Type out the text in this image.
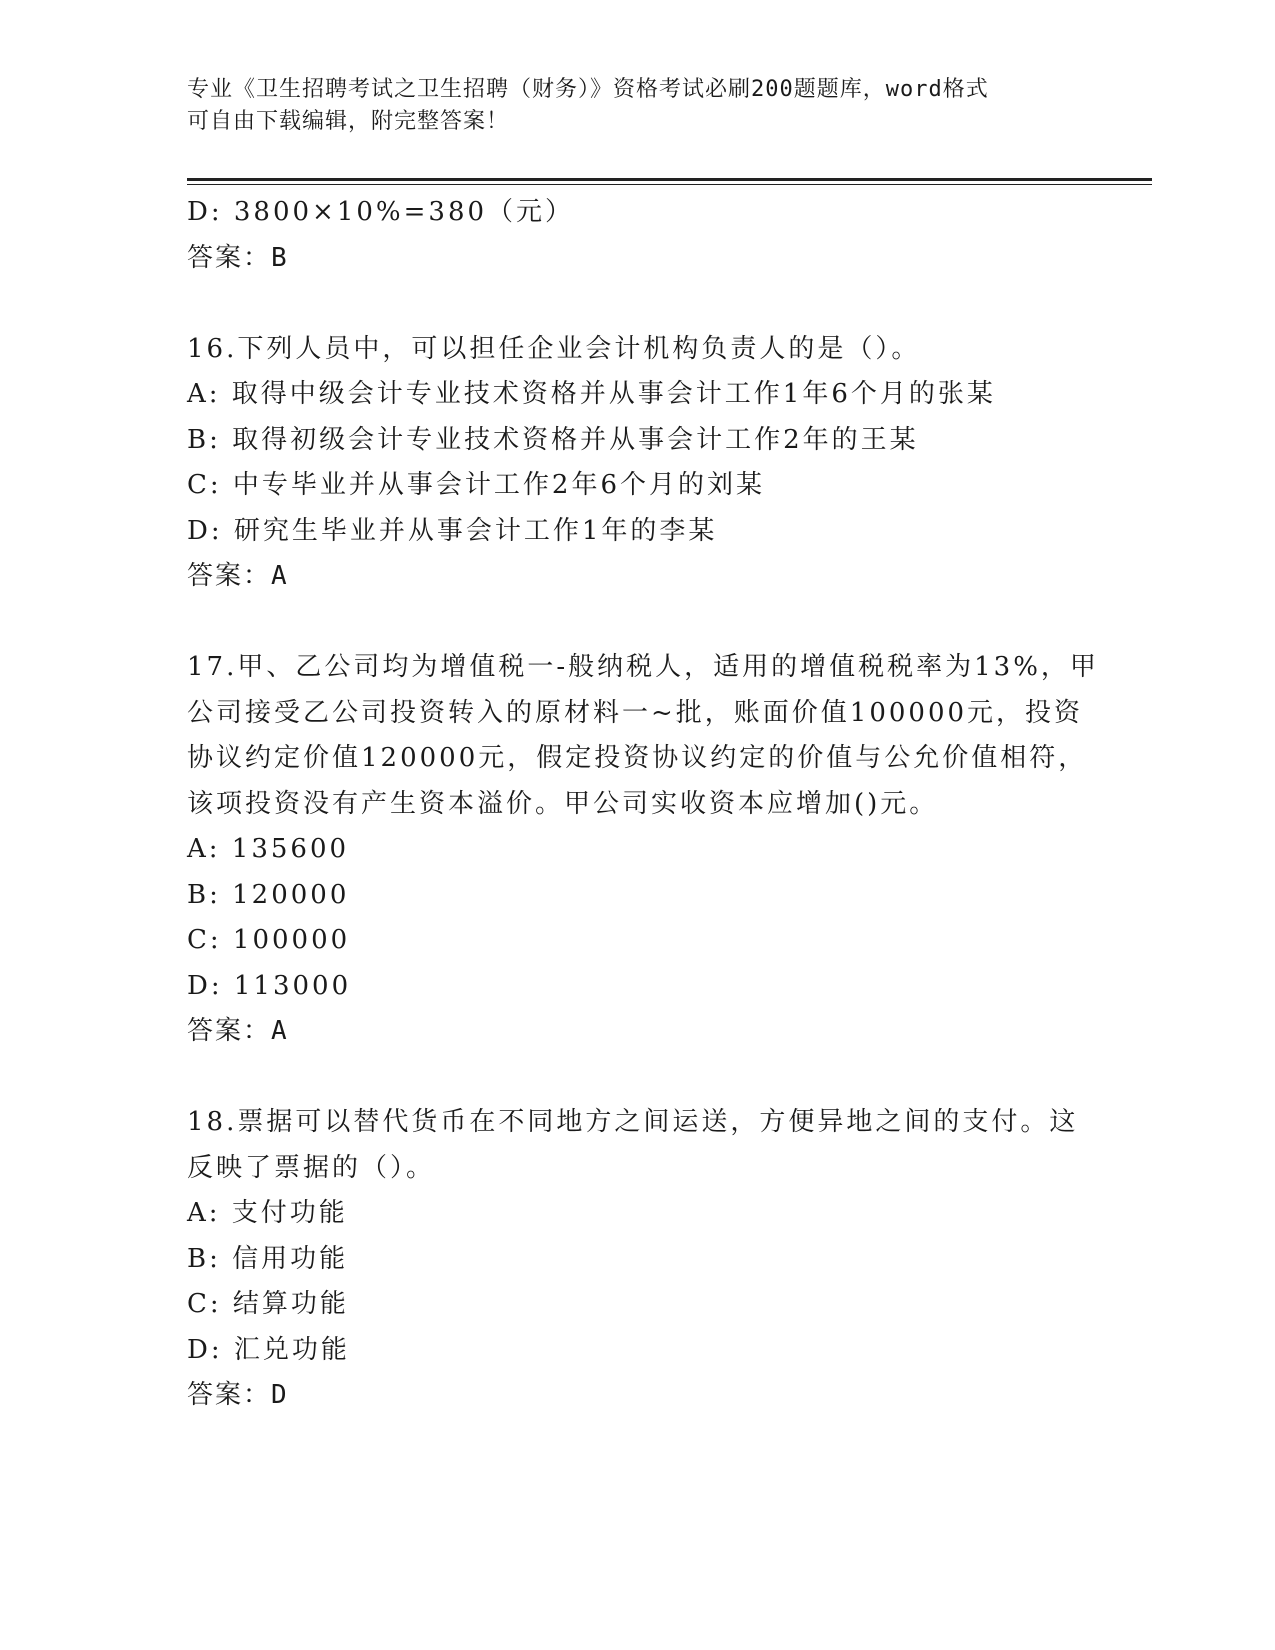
专业《卫生招聘考试之卫生招聘（财务）》资格考试必刷200题题库，word格式
可自由下载编辑，附完整答案！
D: 3800×10%=380（元）
答案：B
16.下列人员中，可以担任企业会计机构负责人的是（）。
A: 取得中级会计专业技术资格并从事会计工作1年6个月的张某
B: 取得初级会计专业技术资格并从事会计工作2年的王某
C: 中专毕业并从事会计工作2年6个月的刘某
D: 研究生毕业并从事会计工作1年的李某
答案：A
17.甲、乙公司均为增值税一-般纳税人，适用的增值税税率为13%，甲
公司接受乙公司投资转入的原材料一~批，账面价值100000元，投资
协议约定价值120000元，假定投资协议约定的价值与公允价值相符，
该项投资没有产生资本溢价。甲公司实收资本应增加()元。
A: 135600
B: 120000
C: 100000
D: 113000
答案：A
18.票据可以替代货币在不同地方之间运送，方便异地之间的支付。这
反映了票据的（）。
A: 支付功能
B: 信用功能
C: 结算功能
D: 汇兑功能
答案：D
